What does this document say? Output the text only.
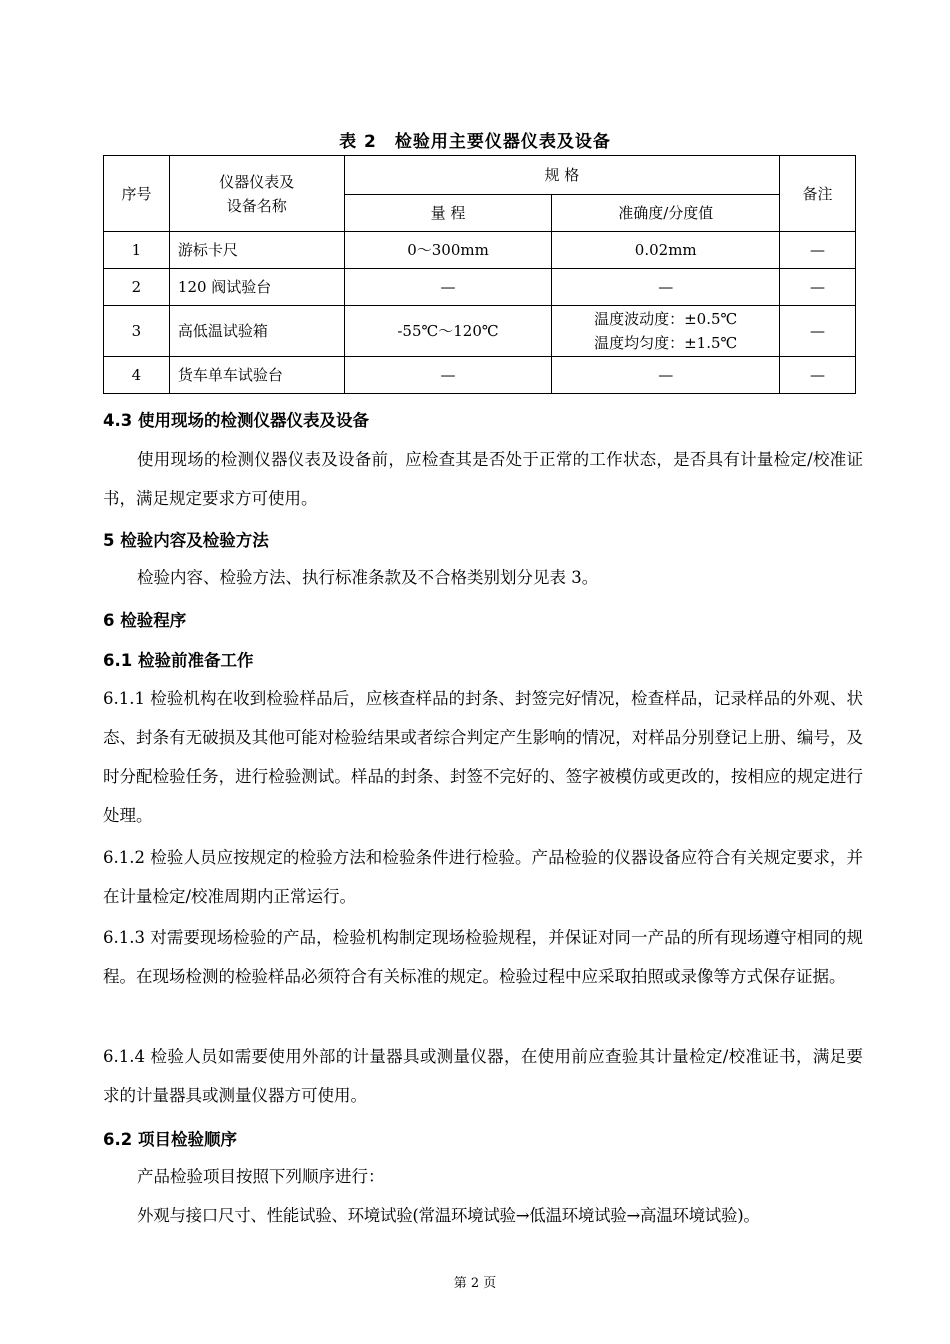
表 2 检验用主要仪器仪表及设备
序号	仪器仪表及
设备名称	规 格		备注
		量 程	准确度/分度值	
1	游标卡尺	0～300mm	0.02mm	—
2	120 阀试验台	—	—	—
3	高低温试验箱	-55℃～120℃	温度波动度：±0.5℃
温度均匀度：±1.5℃	—
4	货车单车试验台	—	—	—
4.3 使用现场的检测仪器仪表及设备
使用现场的检测仪器仪表及设备前，应检查其是否处于正常的工作状态，是否具有计量检定/校准证书，满足规定要求方可使用。
5 检验内容及检验方法
检验内容、检验方法、执行标准条款及不合格类别划分见表 3。
6 检验程序
6.1 检验前准备工作
6.1.1 检验机构在收到检验样品后，应核查样品的封条、封签完好情况，检查样品，记录样品的外观、状态、封条有无破损及其他可能对检验结果或者综合判定产生影响的情况，对样品分别登记上册、编号，及时分配检验任务，进行检验测试。样品的封条、封签不完好的、签字被模仿或更改的，按相应的规定进行处理。
6.1.2 检验人员应按规定的检验方法和检验条件进行检验。产品检验的仪器设备应符合有关规定要求，并在计量检定/校准周期内正常运行。
6.1.3 对需要现场检验的产品，检验机构制定现场检验规程，并保证对同一产品的所有现场遵守相同的规程。在现场检测的检验样品必须符合有关标准的规定。检验过程中应采取拍照或录像等方式保存证据。
6.1.4 检验人员如需要使用外部的计量器具或测量仪器，在使用前应查验其计量检定/校准证书，满足要求的计量器具或测量仪器方可使用。
6.2 项目检验顺序
产品检验项目按照下列顺序进行：
外观与接口尺寸、性能试验、环境试验(常温环境试验→低温环境试验→高温环境试验)。
第 2 页
